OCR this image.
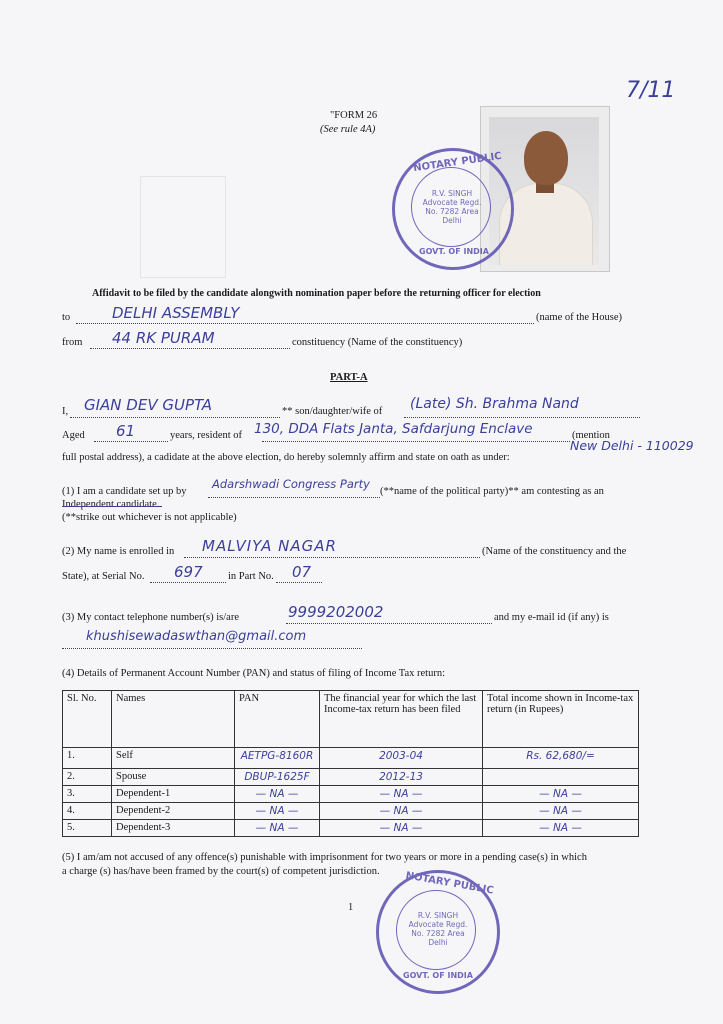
7/11
"FORM 26
(See rule 4A)
NOTARY PUBLIC
R.V. SINGH Advocate Regd. No. 7282 Area Delhi
GOVT. OF INDIA
Affidavit to be filed by the candidate alongwith nomination paper before the returning officer for election
to	DELHI ASSEMBLY	(name of the House)
from 44 RK PURAM	constituency (Name of the constituency)
PART-A
I, GIAN DEV GUPTA	** son/daughter/wife of (Late) Sh. Brahma Nand
Aged 61	years, resident of 130, DDA Flats Janta, Safdarjung Enclave	(mention
New Delhi - 110029
full postal address), a cadidate at the above election, do hereby solemnly affirm and state on oath as under:
(1) I am a candidate set up by
Adarshwadi Congress Party
(**name of the political party)** am contesting as an
Independent candidate.
(**strike out whichever is not applicable)
(2) My name is enrolled in MALVIYA NAGAR	(Name of the constituency and the
State), at Serial No. 697 in Part No. 07
(3) My contact telephone number(s) is/are	9999202002	and my e-mail id (if any) is
khushisewadaswthan@gmail.com
(4) Details of Permanent Account Number (PAN) and status of filing of Income Tax return:
Sl. No.	Names	PAN	The financial year for which the last Income-tax return has been filed	Total income shown in Income-tax return (in Rupees)
1.	Self	AETPG-8160R	2003-04	Rs. 62,680/=
2.	Spouse	DBUP-1625F	2012-13	
3.	Dependent-1	— NA —	— NA —	— NA —
4.	Dependent-2	— NA —	— NA —	— NA —
5.	Dependent-3	— NA —	— NA —	— NA —
(5) I am/am not accused of any offence(s) punishable with imprisonment for two years or more in a pending case(s) in which
a charge (s) has/have been framed by the court(s) of competent jurisdiction.
1
NOTARY PUBLIC
R.V. SINGH Advocate Regd. No. 7282 Area Delhi
GOVT. OF INDIA
